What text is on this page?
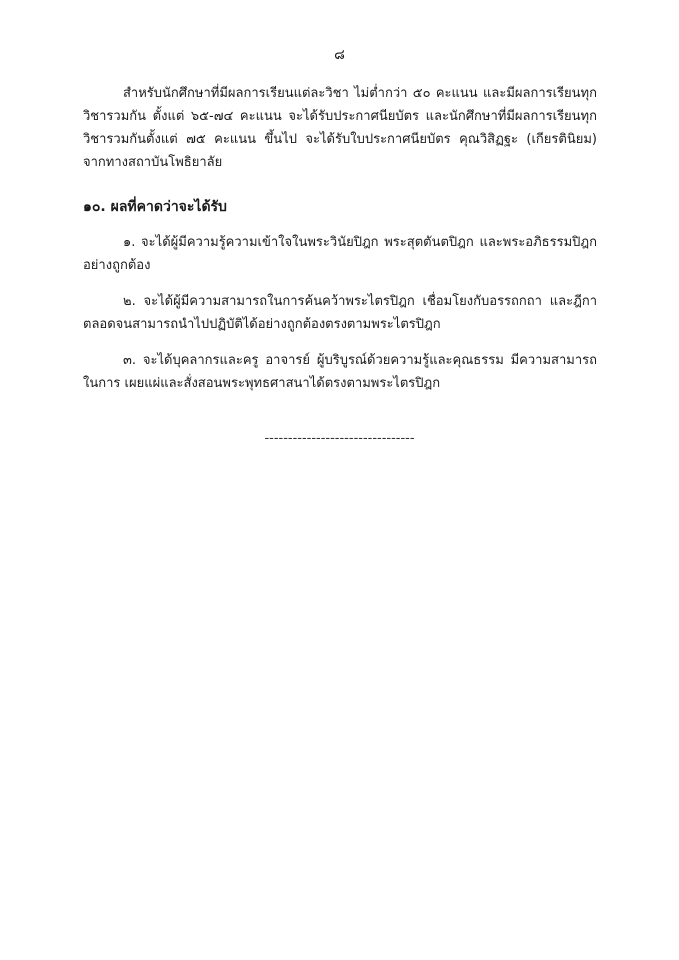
๘

สำหรับนักศึกษาที่มีผลการเรียนแต่ละวิชา ไม่ต่ำกว่า ๕๐ คะแนน และมีผลการเรียนทุกวิชารวมกัน ตั้งแต่ ๖๕-๗๔ คะแนน จะได้รับประกาศนียบัตร และนักศึกษาที่มีผลการเรียนทุกวิชารวมกันตั้งแต่ ๗๕ คะแนน ขึ้นไป จะได้รับใบประกาศนียบัตร คุณวิสิฏฐะ (เกียรตินิยม) จากทางสถาบันโพธิยาลัย

๑๐. ผลที่คาดว่าจะได้รับ

๑. จะได้ผู้มีความรู้ความเข้าใจในพระวินัยปิฎก พระสุตตันตปิฎก และพระอภิธรรมปิฎกอย่างถูกต้อง

๒. จะได้ผู้มีความสามารถในการค้นคว้าพระไตรปิฎก เชื่อมโยงกับอรรถกถา และฎีกา ตลอดจนสามารถนำไปปฏิบัติได้อย่างถูกต้องตรงตามพระไตรปิฎก

๓. จะได้บุคลากรและครู อาจารย์ ผู้บริบูรณ์ด้วยความรู้และคุณธรรม มีความสามารถในการ เผยแผ่และสั่งสอนพระพุทธศาสนาได้ตรงตามพระไตรปิฎก

--------------------------------
